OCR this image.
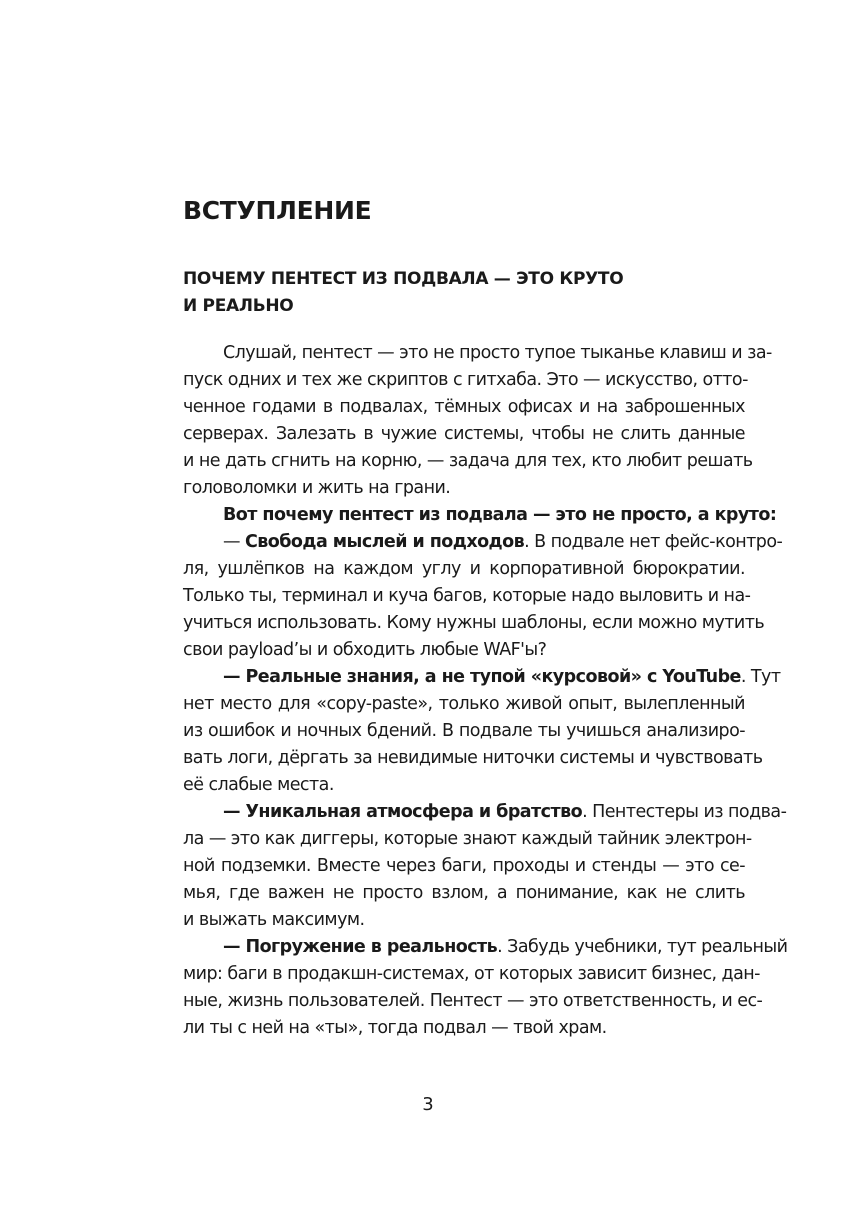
ВСТУПЛЕНИЕ
ПОЧЕМУ ПЕНТЕСТ ИЗ ПОДВАЛА — ЭТО КРУТО
И РЕАЛЬНО
Слушай, пентест — это не просто тупое тыканье клавиш и за-
пуск одних и тех же скриптов с гитхаба. Это — искусство, отто-
ченное годами в подвалах, тёмных офисах и на заброшенных
серверах. Залезать в чужие системы, чтобы не слить данные
и не дать сгнить на корню, — задача для тех, кто любит решать
головоломки и жить на грани.
Вот почему пентест из подвала — это не просто, а круто:
— Свобода мыслей и подходов. В подвале нет фейс-контро-
ля, ушлёпков на каждом углу и корпоративной бюрократии.
Только ты, терминал и куча багов, которые надо выловить и на-
учиться использовать. Кому нужны шаблоны, если можно мутить
свои payload’ы и обходить любые WAF'ы?
— Реальные знания, а не тупой «курсовой» с YouTube. Тут
нет место для «copy-paste», только живой опыт, вылепленный
из ошибок и ночных бдений. В подвале ты учишься анализиро-
вать логи, дёргать за невидимые ниточки системы и чувствовать
её слабые места.
— Уникальная атмосфера и братство. Пентестеры из подва-
ла — это как диггеры, которые знают каждый тайник электрон-
ной подземки. Вместе через баги, проходы и стенды — это се-
мья, где важен не просто взлом, а понимание, как не слить
и выжать максимум.
— Погружение в реальность. Забудь учебники, тут реальный
мир: баги в продакшн-системах, от которых зависит бизнес, дан-
ные, жизнь пользователей. Пентест — это ответственность, и ес-
ли ты с ней на «ты», тогда подвал — твой храм.
3
